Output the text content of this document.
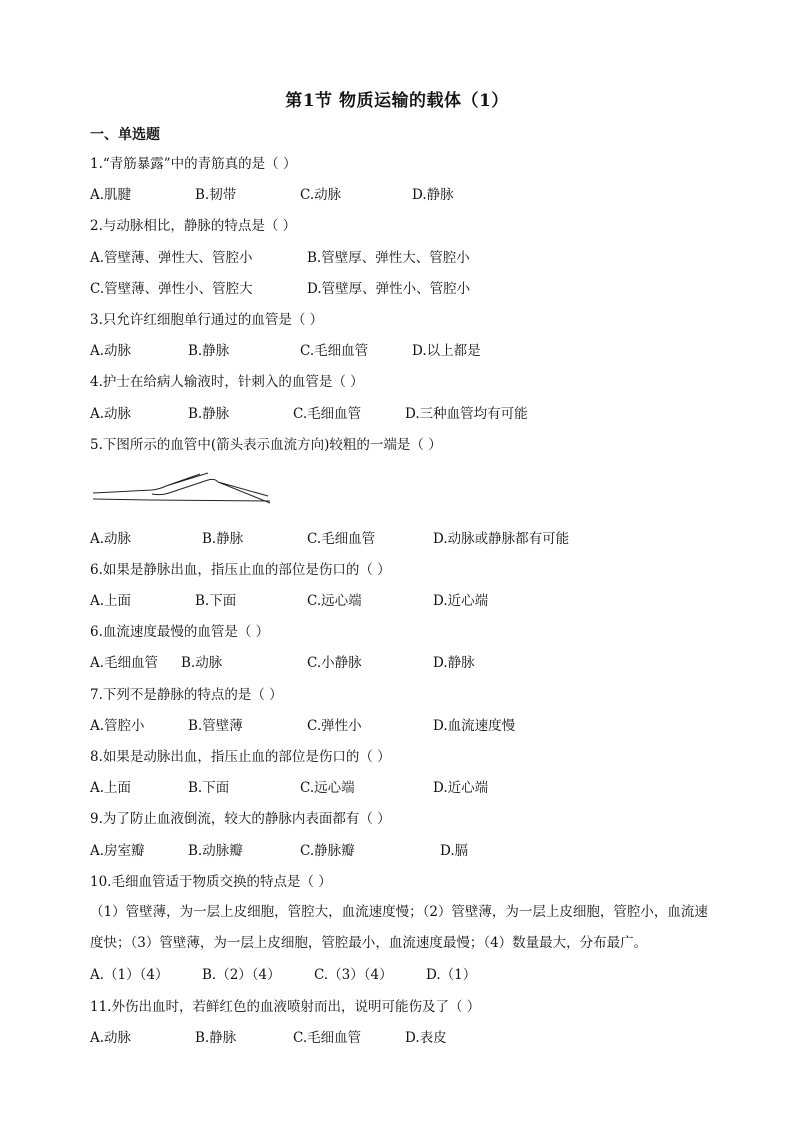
第1节 物质运输的载体（1）
一、单选题
1.“青筋暴露”中的青筋真的是（ ）
A.肌腱	B.韧带	C.动脉	D.静脉
2.与动脉相比，静脉的特点是（ ）
A.管壁薄、弹性大、管腔小	B.管壁厚、弹性大、管腔小
C.管壁薄、弹性小、管腔大	D.管壁厚、弹性小、管腔小
3.只允许红细胞单行通过的血管是（ ）
A.动脉	B.静脉	C.毛细血管	D.以上都是
4.护士在给病人输液时，针刺入的血管是（ ）
A.动脉	B.静脉	C.毛细血管	D.三种血管均有可能
5.下图所示的血管中(箭头表示血流方向)较粗的一端是（ ）
A.动脉	B.静脉	C.毛细血管	D.动脉或静脉都有可能
6.如果是静脉出血，指压止血的部位是伤口的（ ）
A.上面	B.下面	C.远心端	D.近心端
6.血流速度最慢的血管是（ ）
A.毛细血管 B.动脉	C.小静脉	D.静脉
7.下列不是静脉的特点的是（ ）
A.管腔小	B.管壁薄	C.弹性小	D.血流速度慢
8.如果是动脉出血，指压止血的部位是伤口的（ ）
A.上面	B.下面	C.远心端	D.近心端
9.为了防止血液倒流，较大的静脉内表面都有（ ）
A.房室瓣	B.动脉瓣	C.静脉瓣	D.膈
10.毛细血管适于物质交换的特点是（ ）
（1）管壁薄，为一层上皮细胞，管腔大，血流速度慢；（2）管壁薄，为一层上皮细胞，管腔小，血流速度快；（3）管壁薄，为一层上皮细胞，管腔最小，血流速度最慢；（4）数量最大，分布最广。
A.（1）（4） B.（2）（4） C.（3）（4） D.（1）
11.外伤出血时，若鲜红色的血液喷射而出，说明可能伤及了（ ）
A.动脉	B.静脉	C.毛细血管	D.表皮
